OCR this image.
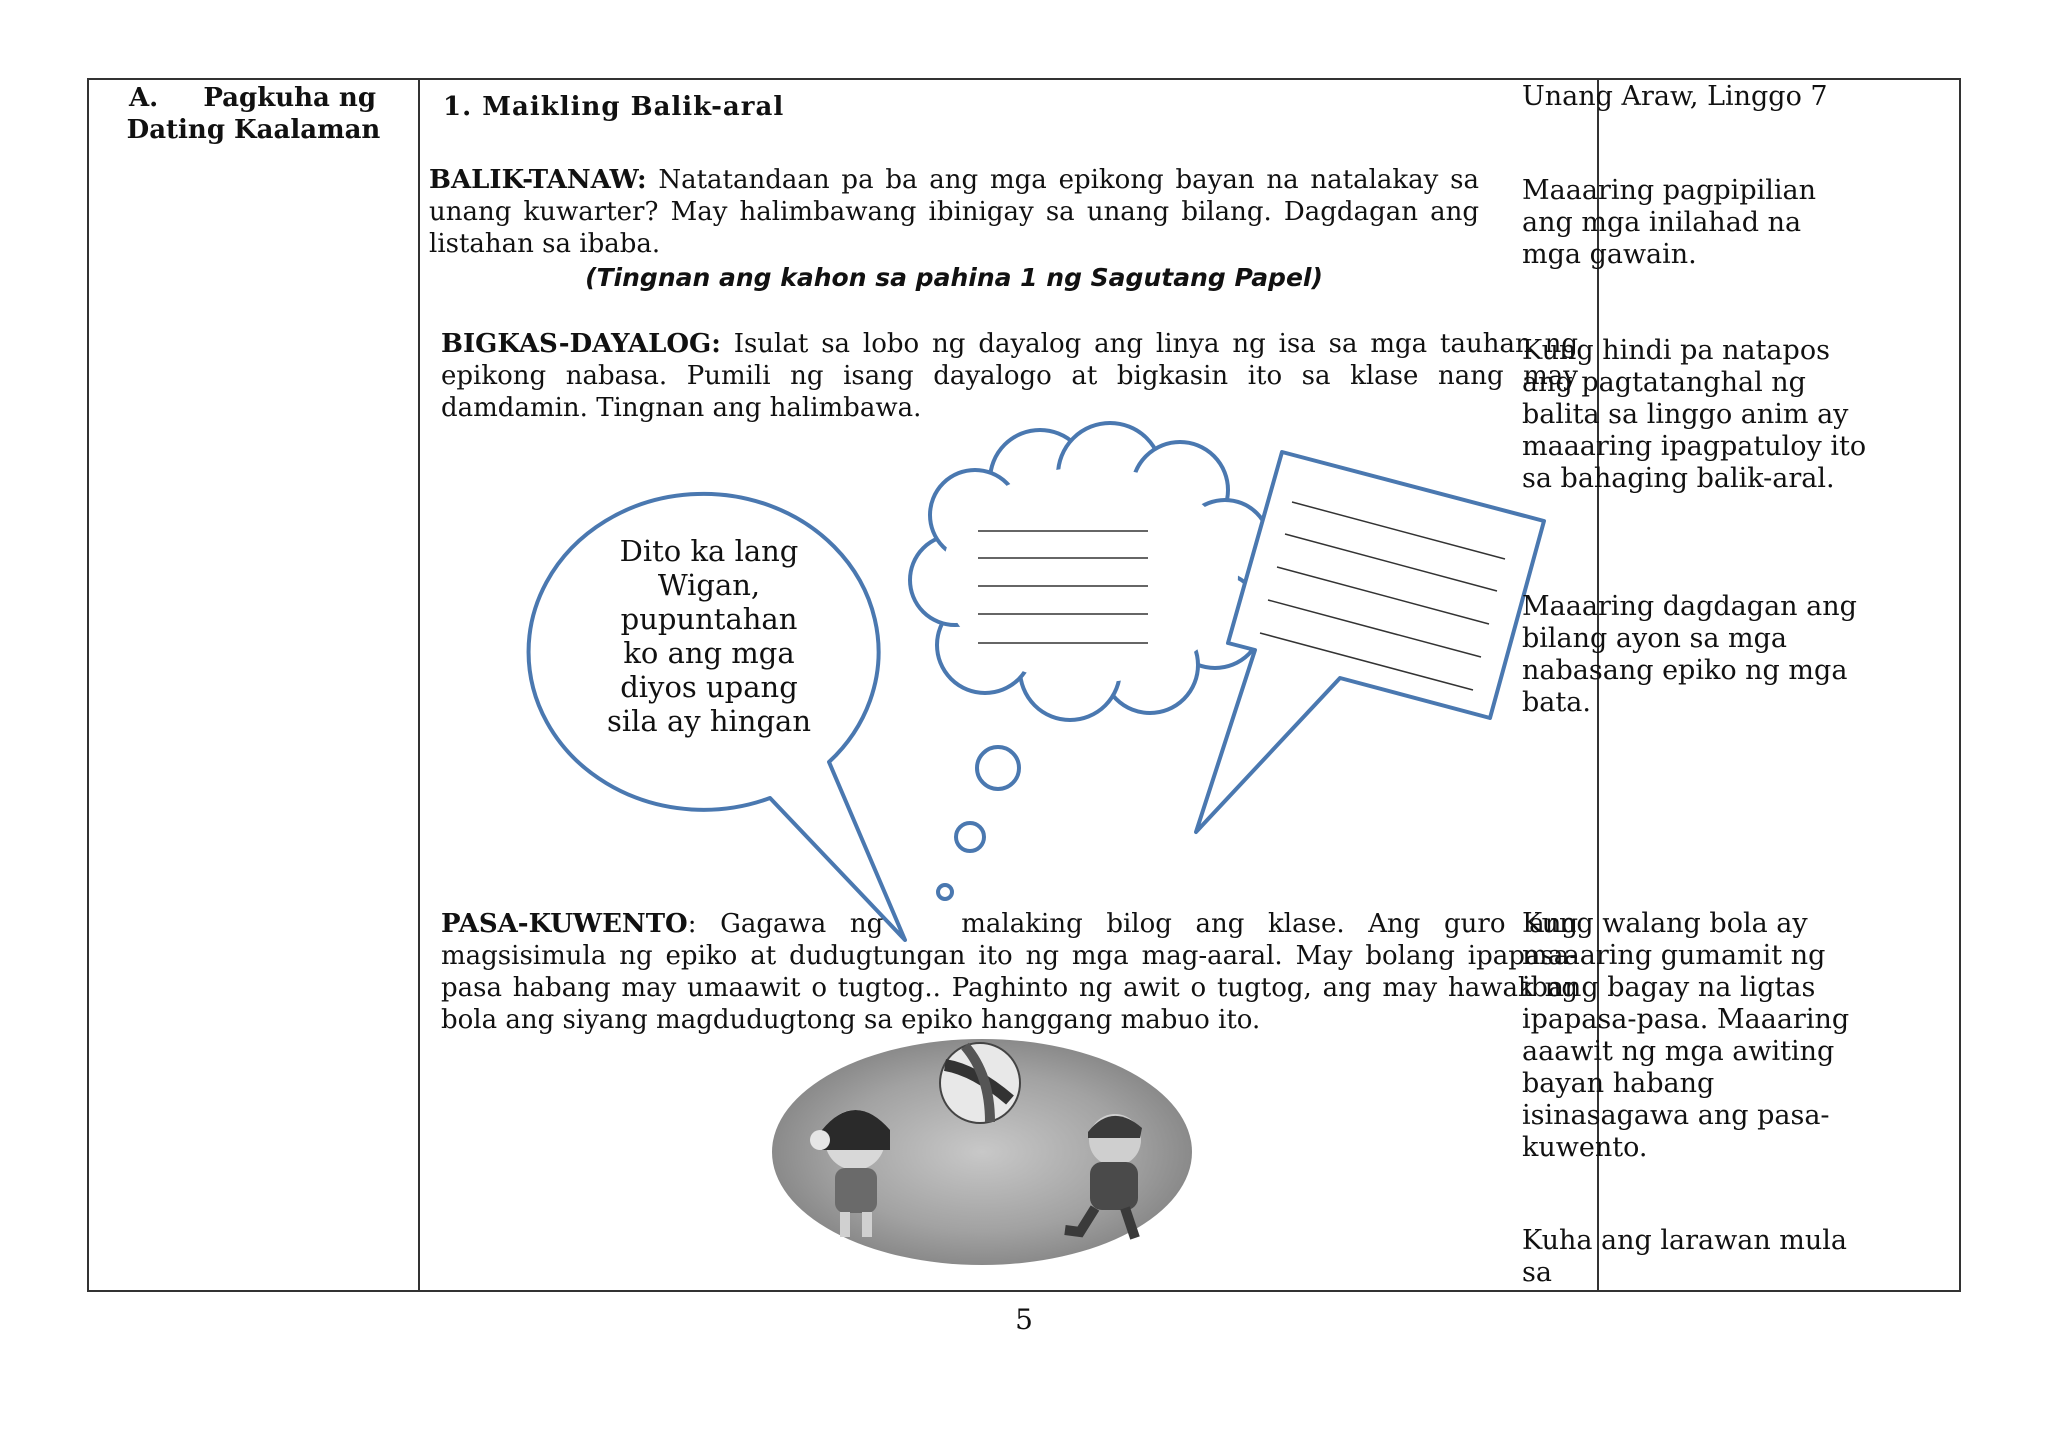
A. Pagkuha ng
Dating Kaalaman
1. Maikling Balik-aral
BALIK-TANAW: Natatandaan pa ba ang mga epikong bayan na natalakay sa unang kuwarter? May halimbawang ibinigay sa unang bilang. Dagdagan ang listahan sa ibaba.
(Tingnan ang kahon sa pahina 1 ng Sagutang Papel)
BIGKAS-DAYALOG: Isulat sa lobo ng dayalog ang linya ng isa sa mga tauhan ng epikong nabasa. Pumili ng isang dayalogo at bigkasin ito sa klase nang may damdamin. Tingnan ang halimbawa.
Dito ka lang Wigan, pupuntahan ko ang mga diyos upang sila ay hingan
PASA-KUWENTO: Gagawa ng	malaking bilog ang klase. Ang guro ang magsisimula ng epiko at dudugtungan ito ng mga mag-aaral. May bolang ipapasa- pasa habang may umaawit o tugtog.. Paghinto ng awit o tugtog, ang may hawak ng bola ang siyang magdudugtong sa epiko hanggang mabuo ito.

Unang Araw, Linggo 7

Maaaring pagpipilian ang mga inilahad na mga gawain.

Kung hindi pa natapos ang pagtatanghal ng balita sa linggo anim ay maaaring ipagpatuloy ito sa bahaging balik-aral.

Maaaring dagdagan ang bilang ayon sa mga nabasang epiko ng mga bata.

Kung walang bola ay maaaring gumamit ng ibang bagay na ligtas ipapasa-pasa. Maaaring aaawit ng mga awiting bayan habang isinasagawa ang pasa-kuwento.

Kuha ang larawan mula sa

5
